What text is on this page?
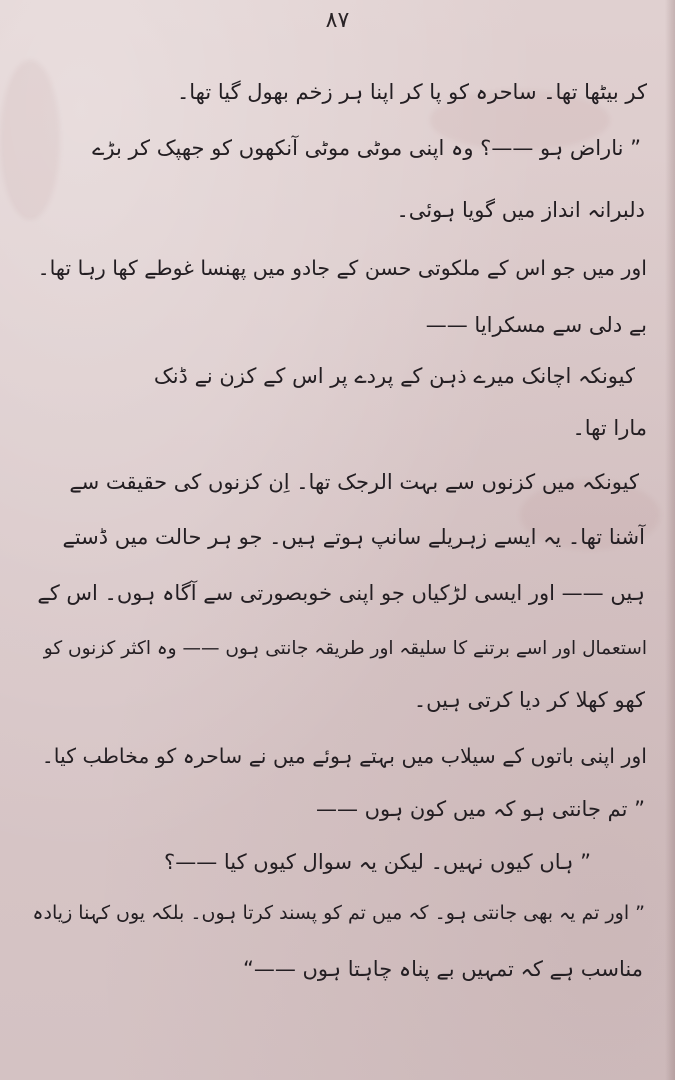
۸۷
کر بیٹھا تھا۔ ساحرہ کو پا کر اپنا ہر زخم بھول گیا تھا۔
” ناراض ہو ——؟ وہ اپنی موٹی موٹی آنکھوں کو جھپک کر بڑے
دلبرانہ انداز میں گویا ہوئی۔
اور میں جو اس کے ملکوتی حسن کے جادو میں پھنسا غوطے کھا رہا تھا۔
بے دلی سے مسکرایا ——
کیونکہ اچانک میرے ذہن کے پردے پر اس کے کزن نے ڈنک
مارا تھا۔
کیونکہ میں کزنوں سے بہت الرجک تھا۔ اِن کزنوں کی حقیقت سے
آشنا تھا۔ یہ ایسے زہریلے سانپ ہوتے ہیں۔ جو ہر حالت میں ڈستے
ہیں —— اور ایسی لڑکیاں جو اپنی خوبصورتی سے آگاہ ہوں۔ اس کے
استعمال اور اسے برتنے کا سلیقہ اور طریقہ جانتی ہوں —— وہ اکثر کزنوں کو
کھو کھلا کر دیا کرتی ہیں۔
اور اپنی باتوں کے سیلاب میں بہتے ہوئے میں نے ساحرہ کو مخاطب کیا۔
” تم جانتی ہو کہ میں کون ہوں ——
” ہاں کیوں نہیں۔ لیکن یہ سوال کیوں کیا ——؟
” اور تم یہ بھی جانتی ہو۔ کہ میں تم کو پسند کرتا ہوں۔ بلکہ یوں کہنا زیادہ
مناسب ہے کہ تمہیں بے پناہ چاہتا ہوں ——“
